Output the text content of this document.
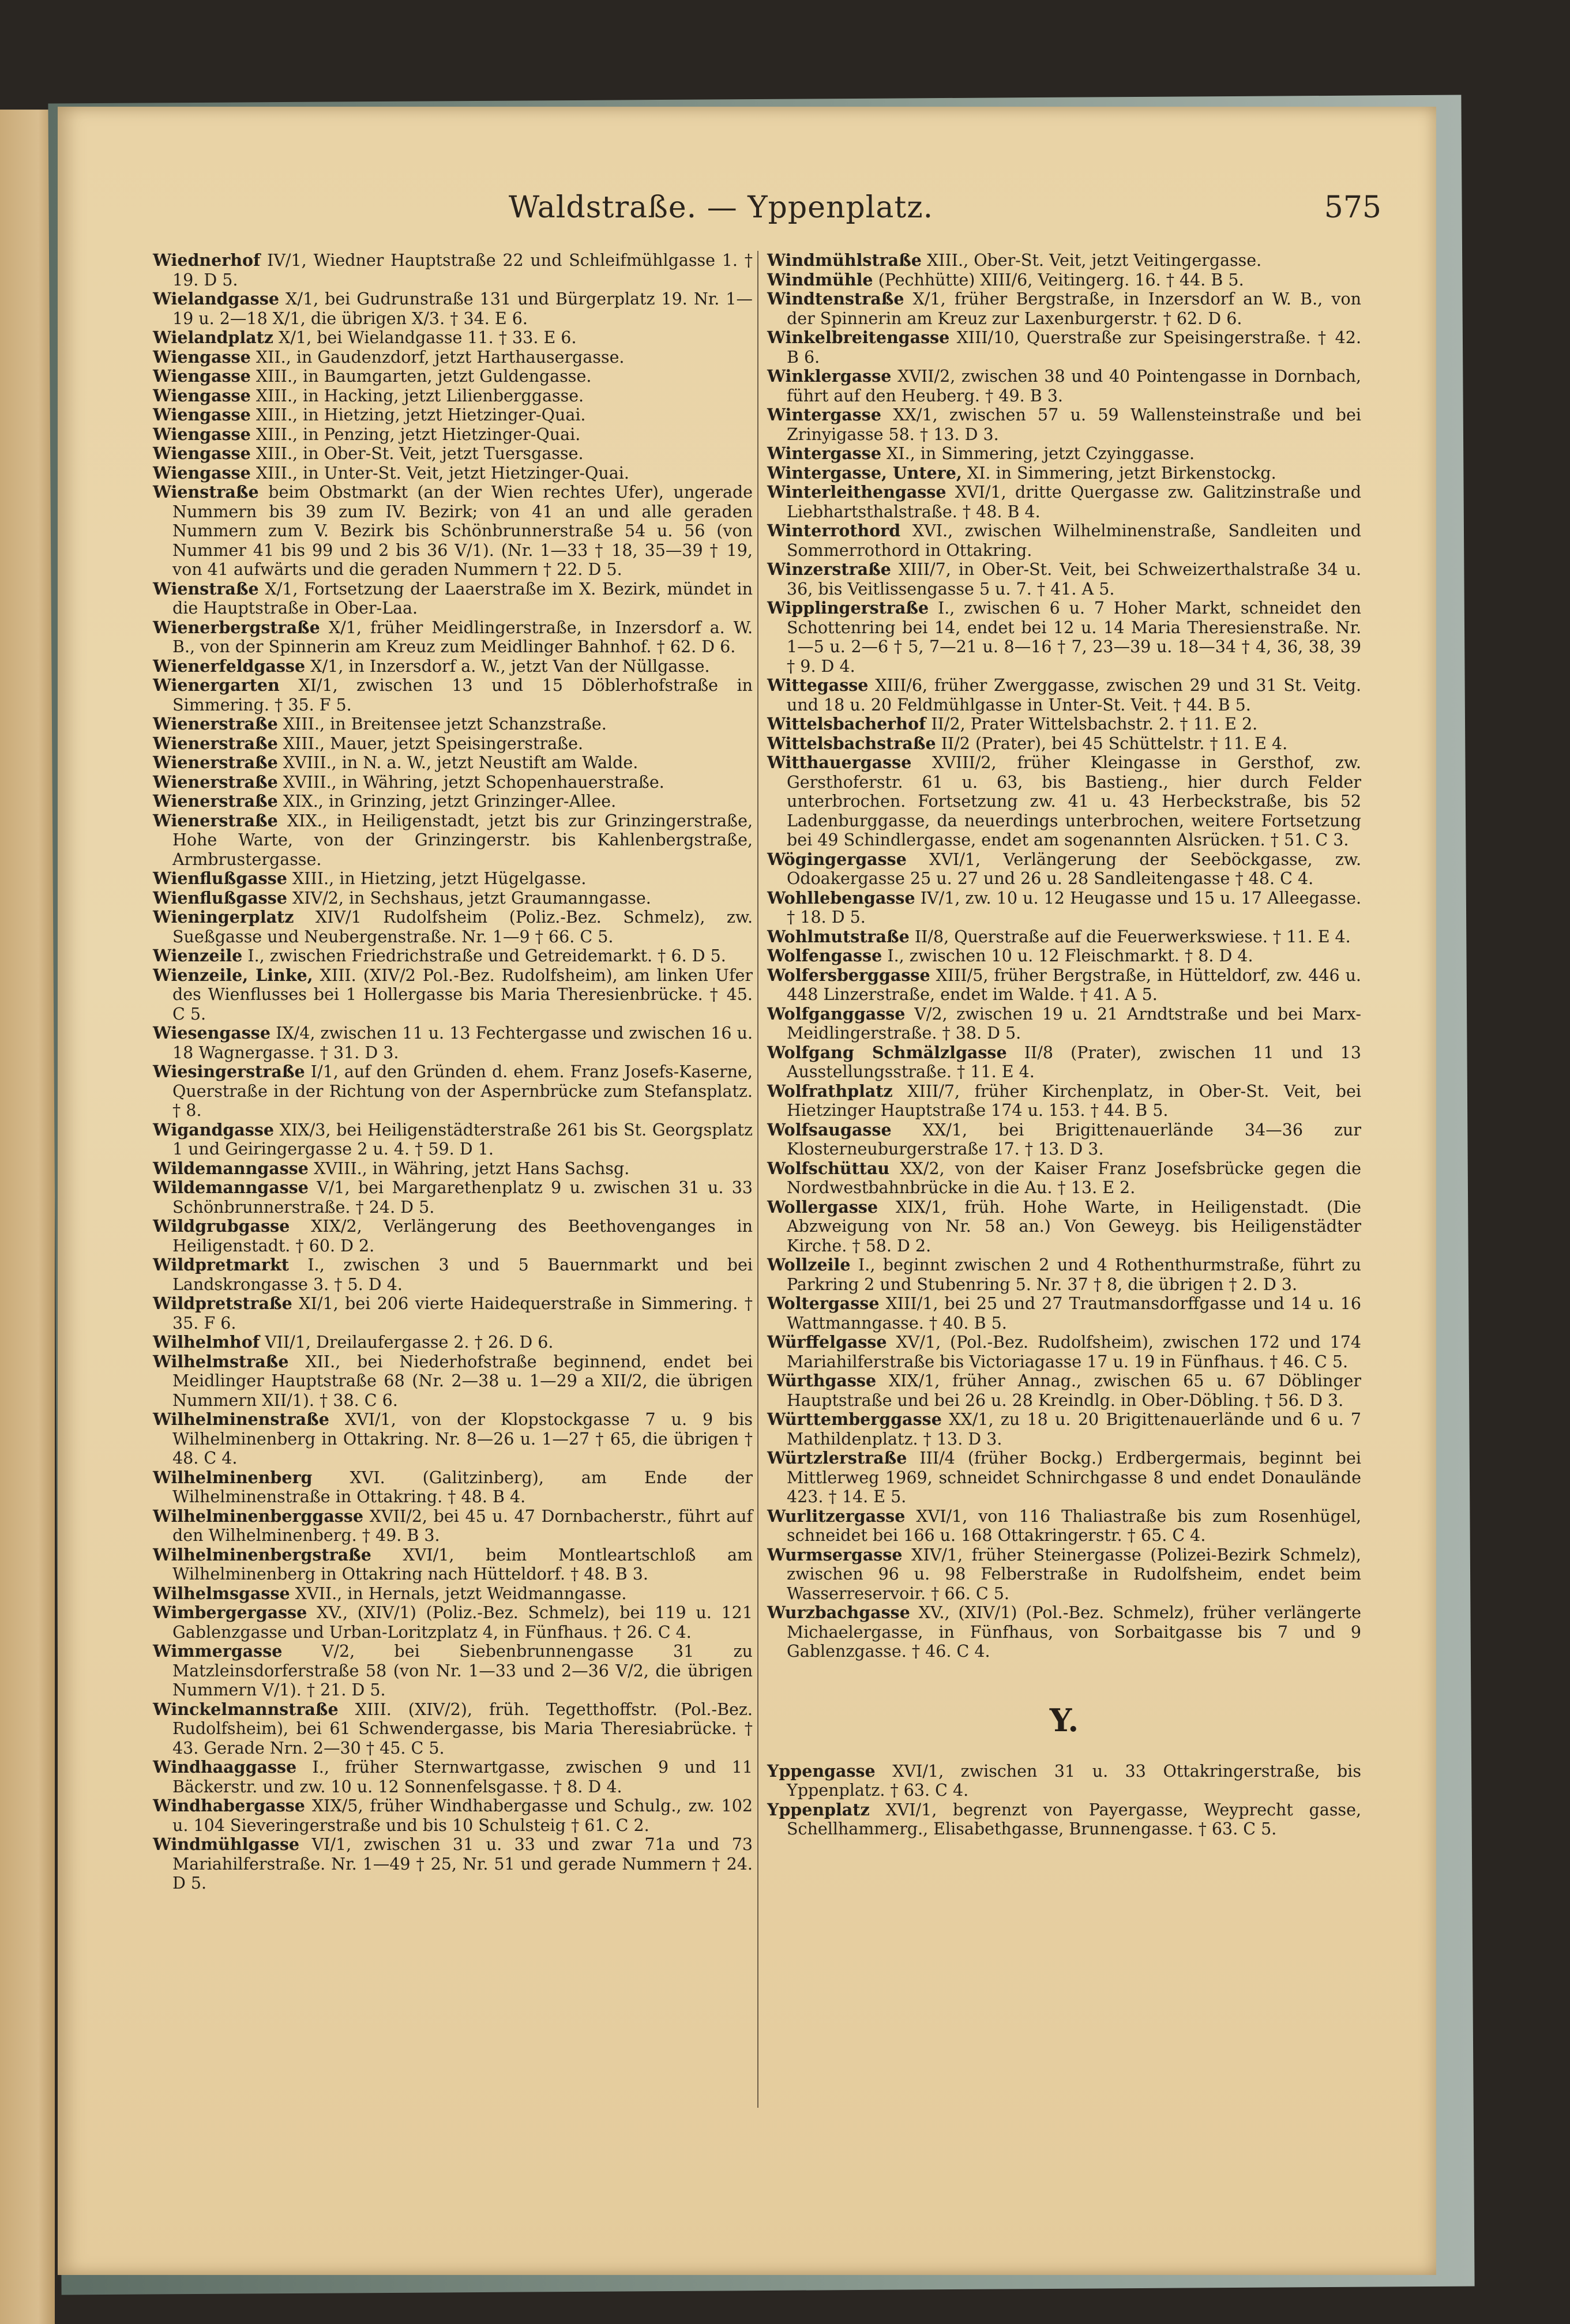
Waldstraße. — Yppenplatz.	575

Wiednerhof IV/1, Wiedner Hauptstraße 22 und Schleifmühlgasse 1. † 19. D 5.

Wielandgasse X/1, bei Gudrunstraße 131 und Bürgerplatz 19. Nr. 1—19 u. 2—18 X/1, die übrigen X/3. † 34. E 6.

Wielandplatz X/1, bei Wielandgasse 11. † 33. E 6.

Wiengasse XII., in Gaudenzdorf, jetzt Harthausergasse.

Wiengasse XIII., in Baumgarten, jetzt Guldengasse.

Wiengasse XIII., in Hacking, jetzt Lilienberggasse.

Wiengasse XIII., in Hietzing, jetzt Hietzinger-Quai.

Wiengasse XIII., in Penzing, jetzt Hietzinger-Quai.

Wiengasse XIII., in Ober-St. Veit, jetzt Tuersgasse.

Wiengasse XIII., in Unter-St. Veit, jetzt Hietzinger-Quai.

Wienstraße beim Obstmarkt (an der Wien rechtes Ufer), ungerade Nummern bis 39 zum IV. Bezirk; von 41 an und alle geraden Nummern zum V. Bezirk bis Schönbrunnerstraße 54 u. 56 (von Nummer 41 bis 99 und 2 bis 36 V/1). (Nr. 1—33 † 18, 35—39 † 19, von 41 aufwärts und die geraden Nummern † 22. D 5.

Wienstraße X/1, Fortsetzung der Laaerstraße im X. Bezirk, mündet in die Hauptstraße in Ober-Laa.

Wienerbergstraße X/1, früher Meidlingerstraße, in Inzersdorf a. W. B., von der Spinnerin am Kreuz zum Meidlinger Bahnhof. † 62. D 6.

Wienerfeldgasse X/1, in Inzersdorf a. W., jetzt Van der Nüllgasse.

Wienergarten XI/1, zwischen 13 und 15 Döblerhofstraße in Simmering. † 35. F 5.

Wienerstraße XIII., in Breitensee jetzt Schanzstraße.

Wienerstraße XIII., Mauer, jetzt Speisingerstraße.

Wienerstraße XVIII., in N. a. W., jetzt Neustift am Walde.

Wienerstraße XVIII., in Währing, jetzt Schopenhauerstraße.

Wienerstraße XIX., in Grinzing, jetzt Grinzinger-Allee.

Wienerstraße XIX., in Heiligenstadt, jetzt bis zur Grinzingerstraße, Hohe Warte, von der Grinzingerstr. bis Kahlenbergstraße, Armbrustergasse.

Wienflußgasse XIII., in Hietzing, jetzt Hügelgasse.

Wienflußgasse XIV/2, in Sechshaus, jetzt Graumanngasse.

Wieningerplatz XIV/1 Rudolfsheim (Poliz.-Bez. Schmelz), zw. Sueßgasse und Neubergenstraße. Nr. 1—9 † 66. C 5.

Wienzeile I., zwischen Friedrichstraße und Getreidemarkt. † 6. D 5.

Wienzeile, Linke, XIII. (XIV/2 Pol.-Bez. Rudolfsheim), am linken Ufer des Wienflusses bei 1 Hollergasse bis Maria Theresienbrücke. † 45. C 5.

Wiesengasse IX/4, zwischen 11 u. 13 Fechtergasse und zwischen 16 u. 18 Wagnergasse. † 31. D 3.

Wiesingerstraße I/1, auf den Gründen d. ehem. Franz Josefs-Kaserne, Querstraße in der Richtung von der Aspernbrücke zum Stefansplatz. † 8.

Wigandgasse XIX/3, bei Heiligenstädterstraße 261 bis St. Georgsplatz 1 und Geiringergasse 2 u. 4. † 59. D 1.

Wildemanngasse XVIII., in Währing, jetzt Hans Sachsg.

Wildemanngasse V/1, bei Margarethenplatz 9 u. zwischen 31 u. 33 Schönbrunnerstraße. † 24. D 5.

Wildgrubgasse XIX/2, Verlängerung des Beethovenganges in Heiligenstadt. † 60. D 2.

Wildpretmarkt I., zwischen 3 und 5 Bauernmarkt und bei Landskrongasse 3. † 5. D 4.

Wildpretstraße XI/1, bei 206 vierte Haidequerstraße in Simmering. † 35. F 6.

Wilhelmhof VII/1, Dreilaufergasse 2. † 26. D 6.

Wilhelmstraße XII., bei Niederhofstraße beginnend, endet bei Meidlinger Hauptstraße 68 (Nr. 2—38 u. 1—29 a XII/2, die übrigen Nummern XII/1). † 38. C 6.

Wilhelminenstraße XVI/1, von der Klopstockgasse 7 u. 9 bis Wilhelminenberg in Ottakring. Nr. 8—26 u. 1—27 † 65, die übrigen † 48. C 4.

Wilhelminenberg XVI. (Galitzinberg), am Ende der Wilhelminenstraße in Ottakring. † 48. B 4.

Wilhelminenberggasse XVII/2, bei 45 u. 47 Dornbacherstr., führt auf den Wilhelminenberg. † 49. B 3.

Wilhelminenbergstraße XVI/1, beim Montleartschloß am Wilhelminenberg in Ottakring nach Hütteldorf. † 48. B 3.

Wilhelmsgasse XVII., in Hernals, jetzt Weidmanngasse.

Wimbergergasse XV., (XIV/1) (Poliz.-Bez. Schmelz), bei 119 u. 121 Gablenzgasse und Urban-Loritzplatz 4, in Fünfhaus. † 26. C 4.

Wimmergasse V/2, bei Siebenbrunnengasse 31 zu Matzleinsdorferstraße 58 (von Nr. 1—33 und 2—36 V/2, die übrigen Nummern V/1). † 21. D 5.

Winckelmannstraße XIII. (XIV/2), früh. Tegetthoffstr. (Pol.-Bez. Rudolfsheim), bei 61 Schwendergasse, bis Maria Theresiabrücke. † 43. Gerade Nrn. 2—30 † 45. C 5.

Windhaaggasse I., früher Sternwartgasse, zwischen 9 und 11 Bäckerstr. und zw. 10 u. 12 Sonnenfelsgasse. † 8. D 4.

Windhabergasse XIX/5, früher Windhabergasse und Schulg., zw. 102 u. 104 Sieveringerstraße und bis 10 Schulsteig † 61. C 2.

Windmühlgasse VI/1, zwischen 31 u. 33 und zwar 71a und 73 Mariahilferstraße. Nr. 1—49 † 25, Nr. 51 und gerade Nummern † 24. D 5.

Windmühlstraße XIII., Ober-St. Veit, jetzt Veitingergasse.

Windmühle (Pechhütte) XIII/6, Veitingerg. 16. † 44. B 5.

Windtenstraße X/1, früher Bergstraße, in Inzersdorf an W. B., von der Spinnerin am Kreuz zur Laxenburgerstr. † 62. D 6.

Winkelbreitengasse XIII/10, Querstraße zur Speisingerstraße. † 42. B 6.

Winklergasse XVII/2, zwischen 38 und 40 Pointengasse in Dornbach, führt auf den Heuberg. † 49. B 3.

Wintergasse XX/1, zwischen 57 u. 59 Wallensteinstraße und bei Zrinyigasse 58. † 13. D 3.

Wintergasse XI., in Simmering, jetzt Czyinggasse.

Wintergasse, Untere, XI. in Simmering, jetzt Birkenstockg.

Winterleithengasse XVI/1, dritte Quergasse zw. Galitzinstraße und Liebhartsthalstraße. † 48. B 4.

Winterrothord XVI., zwischen Wilhelminenstraße, Sandleiten und Sommerrothord in Ottakring.

Winzerstraße XIII/7, in Ober-St. Veit, bei Schweizerthalstraße 34 u. 36, bis Veitlissengasse 5 u. 7. † 41. A 5.

Wipplingerstraße I., zwischen 6 u. 7 Hoher Markt, schneidet den Schottenring bei 14, endet bei 12 u. 14 Maria Theresienstraße. Nr. 1—5 u. 2—6 † 5, 7—21 u. 8—16 † 7, 23—39 u. 18—34 † 4, 36, 38, 39 † 9. D 4.

Wittegasse XIII/6, früher Zwerggasse, zwischen 29 und 31 St. Veitg. und 18 u. 20 Feldmühlgasse in Unter-St. Veit. † 44. B 5.

Wittelsbacherhof II/2, Prater Wittelsbachstr. 2. † 11. E 2.

Wittelsbachstraße II/2 (Prater), bei 45 Schüttelstr. † 11. E 4.

Witthauergasse XVIII/2, früher Kleingasse in Gersthof, zw. Gersthoferstr. 61 u. 63, bis Bastieng., hier durch Felder unterbrochen. Fortsetzung zw. 41 u. 43 Herbeckstraße, bis 52 Ladenburggasse, da neuerdings unterbrochen, weitere Fortsetzung bei 49 Schindlergasse, endet am sogenannten Alsrücken. † 51. C 3.

Wögingergasse XVI/1, Verlängerung der Seeböckgasse, zw. Odoakergasse 25 u. 27 und 26 u. 28 Sandleitengasse † 48. C 4.

Wohllebengasse IV/1, zw. 10 u. 12 Heugasse und 15 u. 17 Alleegasse. † 18. D 5.

Wohlmutstraße II/8, Querstraße auf die Feuerwerkswiese. † 11. E 4.

Wolfengasse I., zwischen 10 u. 12 Fleischmarkt. † 8. D 4.

Wolfersberggasse XIII/5, früher Bergstraße, in Hütteldorf, zw. 446 u. 448 Linzerstraße, endet im Walde. † 41. A 5.

Wolfganggasse V/2, zwischen 19 u. 21 Arndtstraße und bei Marx-Meidlingerstraße. † 38. D 5.

Wolfgang Schmälzlgasse II/8 (Prater), zwischen 11 und 13 Ausstellungsstraße. † 11. E 4.

Wolfrathplatz XIII/7, früher Kirchenplatz, in Ober-St. Veit, bei Hietzinger Hauptstraße 174 u. 153. † 44. B 5.

Wolfsaugasse XX/1, bei Brigittenauerlände 34—36 zur Klosterneuburgerstraße 17. † 13. D 3.

Wolfschüttau XX/2, von der Kaiser Franz Josefsbrücke gegen die Nordwestbahnbrücke in die Au. † 13. E 2.

Wollergasse XIX/1, früh. Hohe Warte, in Heiligenstadt. (Die Abzweigung von Nr. 58 an.) Von Geweyg. bis Heiligenstädter Kirche. † 58. D 2.

Wollzeile I., beginnt zwischen 2 und 4 Rothenthurmstraße, führt zu Parkring 2 und Stubenring 5. Nr. 37 † 8, die übrigen † 2. D 3.

Woltergasse XIII/1, bei 25 und 27 Trautmansdorffgasse und 14 u. 16 Wattmanngasse. † 40. B 5.

Würffelgasse XV/1, (Pol.-Bez. Rudolfsheim), zwischen 172 und 174 Mariahilferstraße bis Victoriagasse 17 u. 19 in Fünfhaus. † 46. C 5.

Würthgasse XIX/1, früher Annag., zwischen 65 u. 67 Döblinger Hauptstraße und bei 26 u. 28 Kreindlg. in Ober-Döbling. † 56. D 3.

Württemberggasse XX/1, zu 18 u. 20 Brigittenauerlände und 6 u. 7 Mathildenplatz. † 13. D 3.

Würtzlerstraße III/4 (früher Bockg.) Erdbergermais, beginnt bei Mittlerweg 1969, schneidet Schnirchgasse 8 und endet Donaulände 423. † 14. E 5.

Wurlitzergasse XVI/1, von 116 Thaliastraße bis zum Rosenhügel, schneidet bei 166 u. 168 Ottakringerstr. † 65. C 4.

Wurmsergasse XIV/1, früher Steinergasse (Polizei-Bezirk Schmelz), zwischen 96 u. 98 Felberstraße in Rudolfsheim, endet beim Wasserreservoir. † 66. C 5.

Wurzbachgasse XV., (XIV/1) (Pol.-Bez. Schmelz), früher verlängerte Michaelergasse, in Fünfhaus, von Sorbaitgasse bis 7 und 9 Gablenzgasse. † 46. C 4.

Y.

Yppengasse XVI/1, zwischen 31 u. 33 Ottakringerstraße, bis Yppenplatz. † 63. C 4.

Yppenplatz XVI/1, begrenzt von Payergasse, Weyprecht gasse, Schellhammerg., Elisabethgasse, Brunnengasse. † 63. C 5.
